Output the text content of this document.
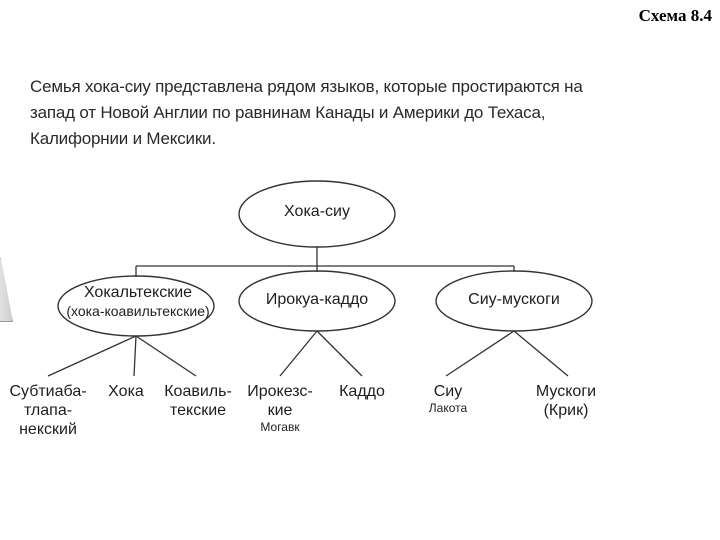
Схема 8.4
Семья хока-сиу представлена рядом языков, которые простираются на
запад от Новой Англии по равнинам Канады и Америки до Техаса,
Калифорнии и Мексики.
Хока-сиу
Хокальтекские
(хока-коавильтекские)
Ирокуа-каддо	Сиу-мускоги
Субтиаба-
тлапа-
некский
Хока Коавиль-
текские
Ирокезс-
кие
Могавк
Каддо	Сиу
Лакота
Мускоги
(Крик)
